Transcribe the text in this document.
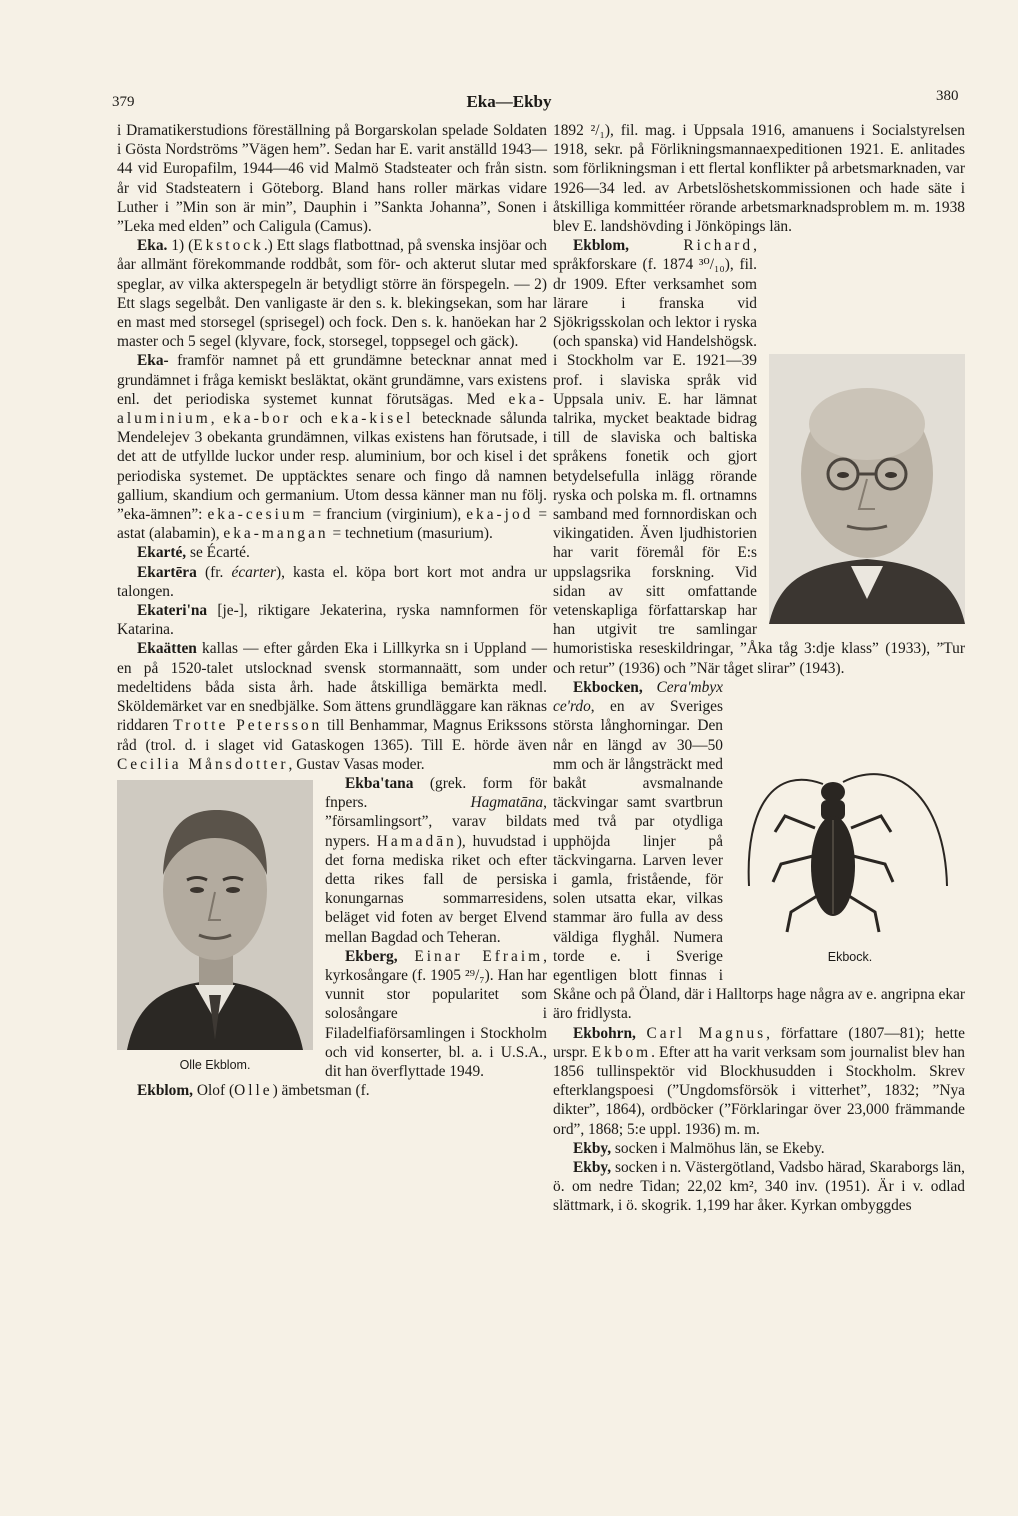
379	Eka—Ekby	380

i Dramatikerstudions föreställning på Borgarskolan spelade Soldaten i Gösta Nordströms ”Vägen hem”. Sedan har E. varit anställd 1943—44 vid Europafilm, 1944—46 vid Malmö Stadsteater och från sistn. år vid Stadsteatern i Göteborg. Bland hans roller märkas vidare Luther i ”Min son är min”, Dauphin i ”Sankta Johanna”, Sonen i ”Leka med elden” och Caligula (Camus).

Eka. 1) (Ekstock.) Ett slags flatbottnad, på svenska insjöar och åar allmänt förekommande roddbåt, som för- och akterut slutar med speglar, av vilka akterspegeln är betydligt större än förspegeln. — 2) Ett slags segelbåt. Den vanligaste är den s. k. blekingsekan, som har en mast med storsegel (sprisegel) och fock. Den s. k. hanöekan har 2 master och 5 segel (klyvare, fock, storsegel, toppsegel och gäck).

Eka- framför namnet på ett grundämne betecknar annat med grundämnet i fråga kemiskt besläktat, okänt grundämne, vars existens enl. det periodiska systemet kunnat förutsägas. Med eka-aluminium, eka-bor och eka-kisel betecknade sålunda Mendelejev 3 obekanta grundämnen, vilkas existens han förutsade, i det att de utfyllde luckor under resp. aluminium, bor och kisel i det periodiska systemet. De upptäcktes senare och fingo då namnen gallium, skandium och germanium. Utom dessa känner man nu följ. ”eka-ämnen”: eka-cesium = francium (virginium), eka-jod = astat (alabamin), eka-mangan = technetium (masurium).

Ekarté, se Écarté.

Ekartēra (fr. écarter), kasta el. köpa bort kort mot andra ur talongen.

Ekateri'na [je-], riktigare Jekaterina, ryska namnformen för Katarina.

Ekaätten kallas — efter gården Eka i Lillkyrka sn i Uppland — en på 1520-talet utslocknad svensk stormannaätt, som under medeltidens båda sista årh. hade åtskilliga bemärkta medl. Sköldemärket var en snedbjälke. Som ättens grundläggare kan räknas riddaren Trotte Petersson till Benhammar, Magnus Erikssons råd (trol. d. i slaget vid Gataskogen 1365). Till E. hörde även Cecilia Månsdotter, Gustav Vasas moder.

Olle Ekblom.

Ekba'tana (grek. form för fnpers. Hagmatāna, ”församlingsort”, varav bildats nypers. Hamadān), huvudstad i det forna mediska riket och efter detta rikes fall de persiska konungarnas sommarresidens, beläget vid foten av berget Elvend mellan Bagdad och Teheran.

Ekberg, Einar Efraim, kyrkosångare (f. 1905 ²⁹/₇). Han har vunnit stor popularitet som solosångare i Filadelfiaförsamlingen i Stockholm och vid konserter, bl. a. i U.S.A., dit han överflyttade 1949.

Ekblom, Olof (Olle) ämbetsman (f.

1892 ²/₁), fil. mag. i Uppsala 1916, amanuens i Socialstyrelsen 1918, sekr. på Förlikningsmannaexpeditionen 1921. E. anlitades som förlikningsman i ett flertal konflikter på arbetsmarknaden, var 1926—34 led. av Arbetslöshetskommissionen och hade säte i åtskilliga kommittéer rörande arbetsmarknadsproblem m. m. 1938 blev E. landshövding i Jönköpings län.

Ekblom,	Richard, språkforskare (f. 1874 ³⁰/₁₀), fil. dr 1909. Efter verksamhet som lärare i franska vid Sjökrigsskolan och lektor i ryska (och spanska) vid Handelshögsk. i Stockholm var E. 1921—39 prof. i slaviska språk vid Uppsala univ. E. har lämnat talrika, mycket beaktade bidrag till de slaviska och baltiska språkens fonetik och gjort betydelsefulla inlägg rörande ryska och polska m. fl. ortnamns samband med fornnordiskan och vikingatiden. Även ljudhistorien har varit föremål för E:s uppslagsrika forskning. Vid sidan av sitt omfattande vetenskapliga författarskap har han utgivit tre samlingar humoristiska reseskildringar, ”Åka tåg 3:dje klass” (1933), ”Tur och retur” (1936) och ”När tåget slirar” (1943).

Ekbock.

Ekbocken, Cera'mbyx ce'rdo, en av Sveriges största långhorningar. Den når en längd av 30—50 mm och är långsträckt med bakåt avsmalnande täckvingar samt svartbrun med två par otydliga upphöjda linjer på täckvingarna. Larven lever i gamla, fristående, för solen utsatta ekar, vilkas stammar äro fulla av dess väldiga flyghål. Numera torde e. i Sverige egentligen blott finnas i Skåne och på Öland, där i Halltorps hage några av e. angripna ekar äro fridlysta.

Ekbohrn, Carl Magnus, författare (1807—81); hette urspr. Ekbom. Efter att ha varit verksam som journalist blev han 1856 tullinspektör vid Blockhusudden i Stockholm. Skrev efterklangspoesi (”Ungdomsförsök i vitterhet”, 1832; ”Nya dikter”, 1864), ordböcker (”Förklaringar över 23,000 främmande ord”, 1868; 5:e uppl. 1936) m. m.

Ekby, socken i Malmöhus län, se Ekeby.

Ekby, socken i n. Västergötland, Vadsbo härad, Skaraborgs län, ö. om nedre Tidan; 22,02 km², 340 inv. (1951). Är i v. odlad slättmark, i ö. skogrik. 1,199 har åker. Kyrkan ombyggdes
